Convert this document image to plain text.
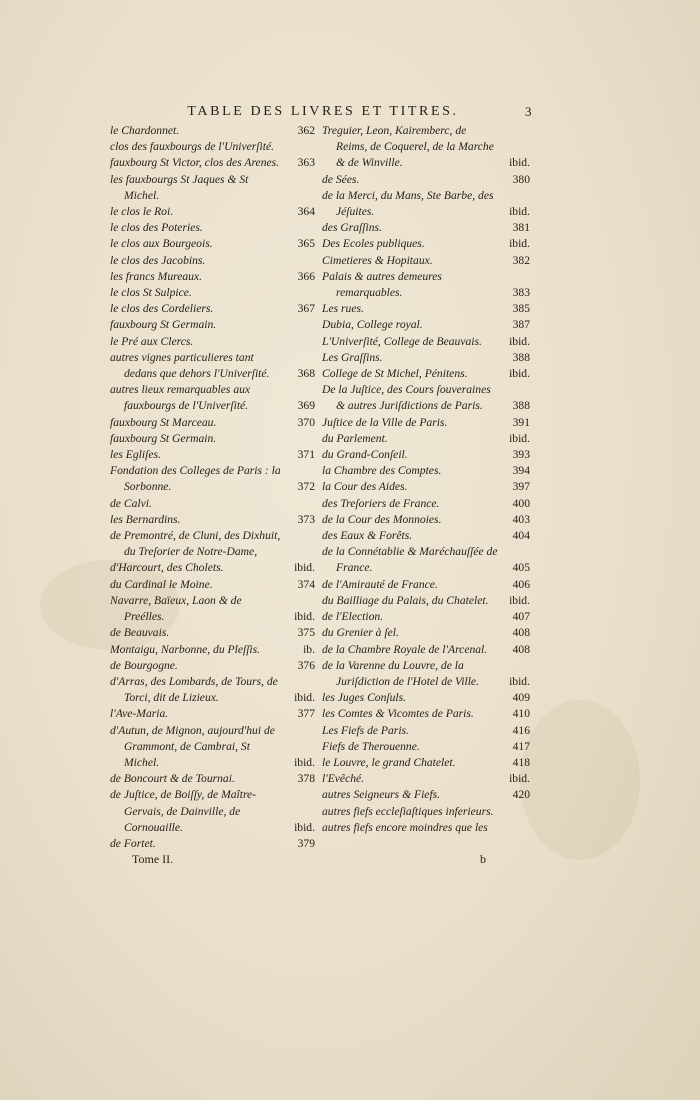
TABLE DES LIVRES ET TITRES.	3
le Chardonnet.	362
clos des fauxbourgs de l'Univerſité.
fauxbourg St Victor, clos des Arenes. 363
les fauxbourgs St Jaques & St Michel.
le clos le Roi.	364
le clos des Poteries.
le clos aux Bourgeois.	365
le clos des Jacobins.
les francs Mureaux.	366
le clos St Sulpice.
le clos des Cordeliers.	367
fauxbourg St Germain.
le Pré aux Clercs.
autres vignes particulieres tant dedans que dehors l'Univerſité. 368
autres lieux remarquables aux fauxbourgs de l'Univerſité.	369
fauxbourg St Marceau.	370
fauxbourg St Germain.
les Egliſes.	371
Fondation des Colleges de Paris : la Sorbonne.	372
de Calvi.
les Bernardins.	373
de Premontré, de Cluni, des Dixhuit, du Treſorier de Notre-Dame,
d'Harcourt, des Cholets.	ibid.
du Cardinal le Moine.	374
Navarre, Baïeux, Laon & de Preélles.	ibid.
de Beauvais.	375
Montaigu, Narbonne, du Pleſſis.	ib.
de Bourgogne.	376
d'Arras, des Lombards, de Tours, de Torci, dit de Lizieux.	ibid.
l'Ave-Maria.	377
d'Autun, de Mignon, aujourd'hui de Grammont, de Cambrai, St Michel.	ibid.
de Boncourt & de Tournai.	378
de Juſtice, de Boiſſy, de Maître-Gervais, de Dainville, de Cornouaille.	ibid.
de Fortet.	379
Treguier, Leon, Kairemberc, de Reims, de Coquerel, de la Marche & de Winville.	ibid.
de Sées.	380
de la Merci, du Mans, Ste Barbe, des Jéſuites.	ibid.
des Graſſins.	381
Des Ecoles publiques.	ibid.
Cimetieres & Hopitaux.	382
Palais & autres demeures remarquables.	383
Les rues.	385
Dubia, College royal.	387
L'Univerſité, College de Beauvais. ibid.
Les Graſſins.	388
College de St Michel, Pénitens.	ibid.
De la Juſtice, des Cours ſouveraines & autres Juriſdictions de Paris.	388
Juſtice de la Ville de Paris.	391
du Parlement.	ibid.
du Grand-Conſeil.	393
la Chambre des Comptes.	394
la Cour des Aides.	397
des Treſoriers de France.	400
de la Cour des Monnoies.	403
des Eaux & Forêts.	404
de la Connétablie & Maréchauſſée de France.	405
de l'Amirauté de France.	406
du Bailliage du Palais, du Chatelet. ibid.
de l'Election.	407
du Grenier à ſel.	408
de la Chambre Royale de l'Arcenal. 408
de la Varenne du Louvre, de la Juriſdiction de l'Hotel de Ville.	ibid.
les Juges Conſuls.	409
les Comtes & Vicomtes de Paris.	410
Les Fiefs de Paris.	416
Fiefs de Therouenne.	417
le Louvre, le grand Chatelet.	418
l'Evêché.	ibid.
autres Seigneurs & Fiefs.	420
autres fiefs eccleſiaſtiques inferieurs.
autres fiefs encore moindres que les
Tome II.	b
